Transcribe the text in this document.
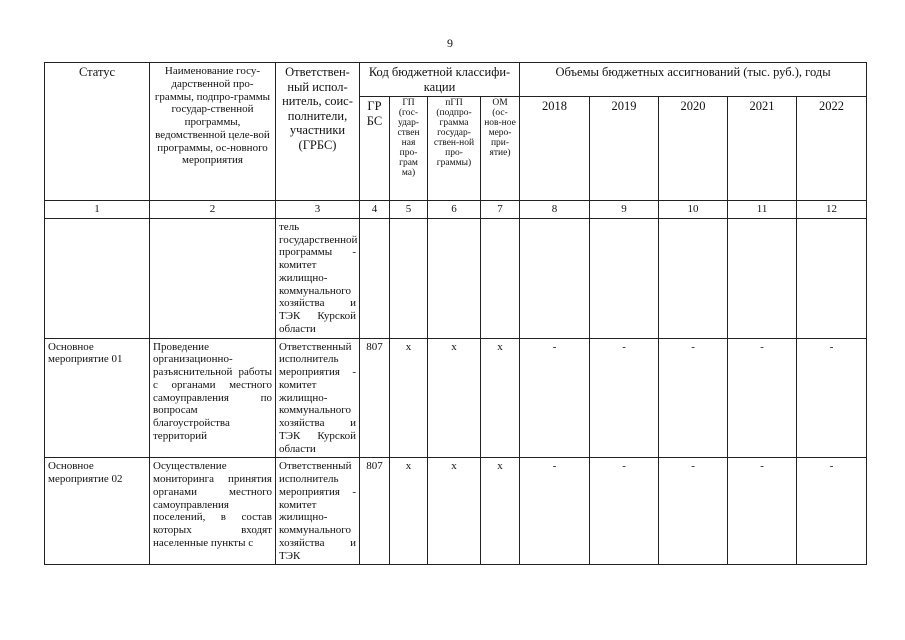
9
Статус	Наименование госу-дарственной про-граммы, подпро-граммы государ-ственной программы, ведомственной целе-вой программы, ос-новного мероприятия	Ответствен-ный испол-нитель, соис-полнители, участники (ГРБС)	Код бюджетной классифи-кации				Объемы бюджетных ассигнований (тыс. руб.), годы				
			ГР БС	ГП (гос-удар-ствен ная про-грам ма)	пГП (подпро-грамма государ-ствен-ной про-граммы)	ОМ (ос-нов-ное меро-при-ятие)	2018	2019	2020	2021	2022
1	2	3	4	5	6	7	8	9	10	11	12
		тель государственной программы - комитет жилищно-коммунального хозяйства и ТЭК Курской области									
Основное мероприятие 01	Проведение организационно-разъяснительной работы с органами местного самоуправления по вопросам благоустройства территорий	Ответственный исполнитель мероприятия - комитет жилищно-коммунального хозяйства и ТЭК Курской области	807	x	x	x	-	-	-	-	-
Основное мероприятие 02	Осуществление мониторинга принятия органами местного самоуправления поселений, в состав которых входят населенные пункты с	Ответственный исполнитель мероприятия - комитет жилищно-коммунального хозяйства и ТЭК	807	x	x	x	-	-	-	-	-
